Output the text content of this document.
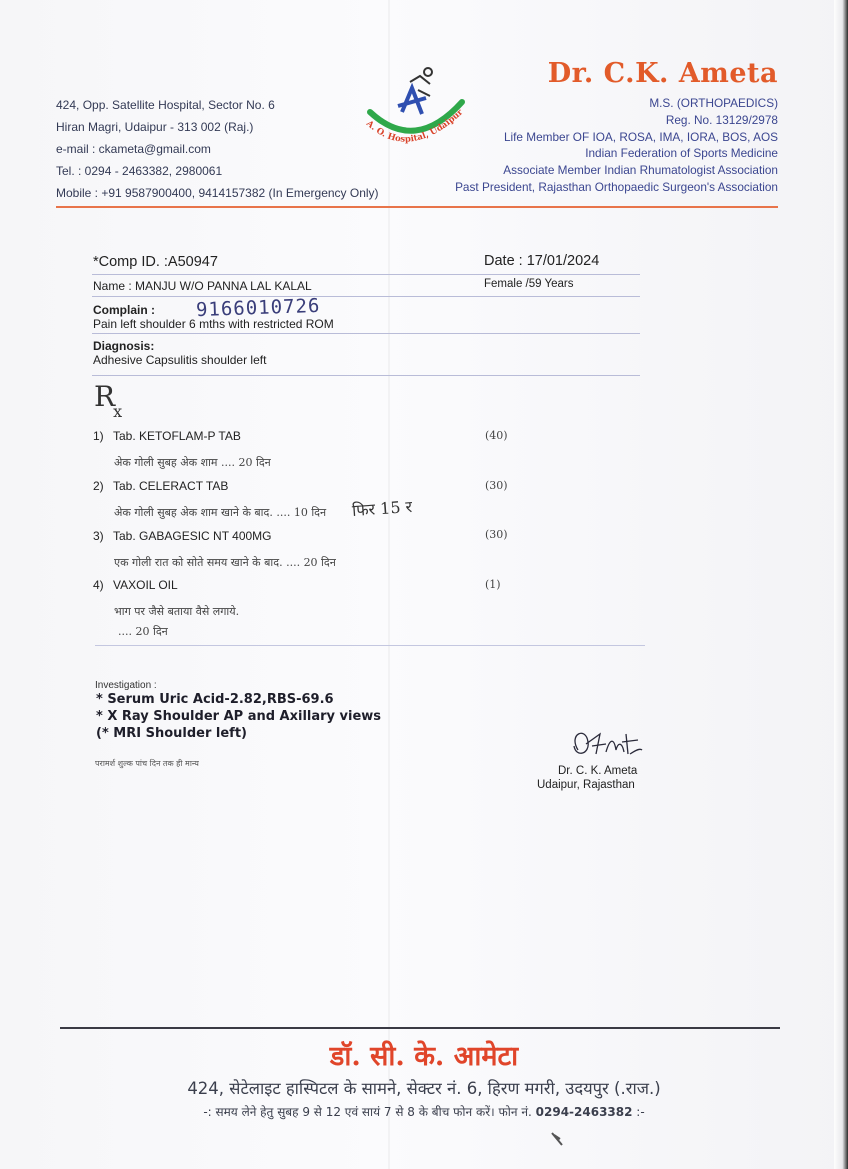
424, Opp. Satellite Hospital, Sector No. 6
Hiran Magri, Udaipur - 313 002 (Raj.)
e-mail : ckameta@gmail.com
Tel. : 0294 - 2463382, 2980061
Mobile : +91 9587900400, 9414157382 (In Emergency Only)
A. O. Hospital, Udaipur
Dr. C.K. Ameta
M.S. (ORTHOPAEDICS)
Reg. No. 13129/2978
Life Member OF IOA, ROSA, IMA, IORA, BOS, AOS
Indian Federation of Sports Medicine
Associate Member Indian Rhumatologist Association
Past President, Rajasthan Orthopaedic Surgeon's Association
*Comp ID. :A50947	Date : 17/01/2024
Name : MANJU W/O PANNA LAL KALAL	Female /59 Years
Complain : 9166010726
Pain left shoulder 6 mths with restricted ROM
Diagnosis:
Adhesive Capsulitis shoulder left
$R_x$
1) Tab. KETOFLAM-P TAB	(40)
अेक गोली सुबह अेक शाम .... 20 दिन
2) Tab. CELERACT TAB	(30)
अेक गोली सुबह अेक शाम खाने के बाद. .... 10 दिन फिर 15 र
3) Tab. GABAGESIC NT 400MG	(30)
एक गोली रात को सोते समय खाने के बाद. .... 20 दिन
4) VAXOIL OIL	(1)
भाग पर जैसे बताया वैसे लगाये.
.... 20 दिन
Investigation :
* Serum Uric Acid-2.82,RBS-69.6
* X Ray Shoulder AP and Axillary views
(* MRI Shoulder left)
परामर्श शुल्क पांच दिन तक ही मान्य
Dr. C. K. Ameta
Udaipur, Rajasthan
डॉ. सी. के. आमेटा
424, सेटेलाइट हास्पिटल के सामने, सेक्टर नं. 6, हिरण मगरी, उदयपुर (.राज.)
-: समय लेने हेतु सुबह 9 से 12 एवं सायं 7 से 8 के बीच फोन करें। फोन नं. 0294-2463382 :-
